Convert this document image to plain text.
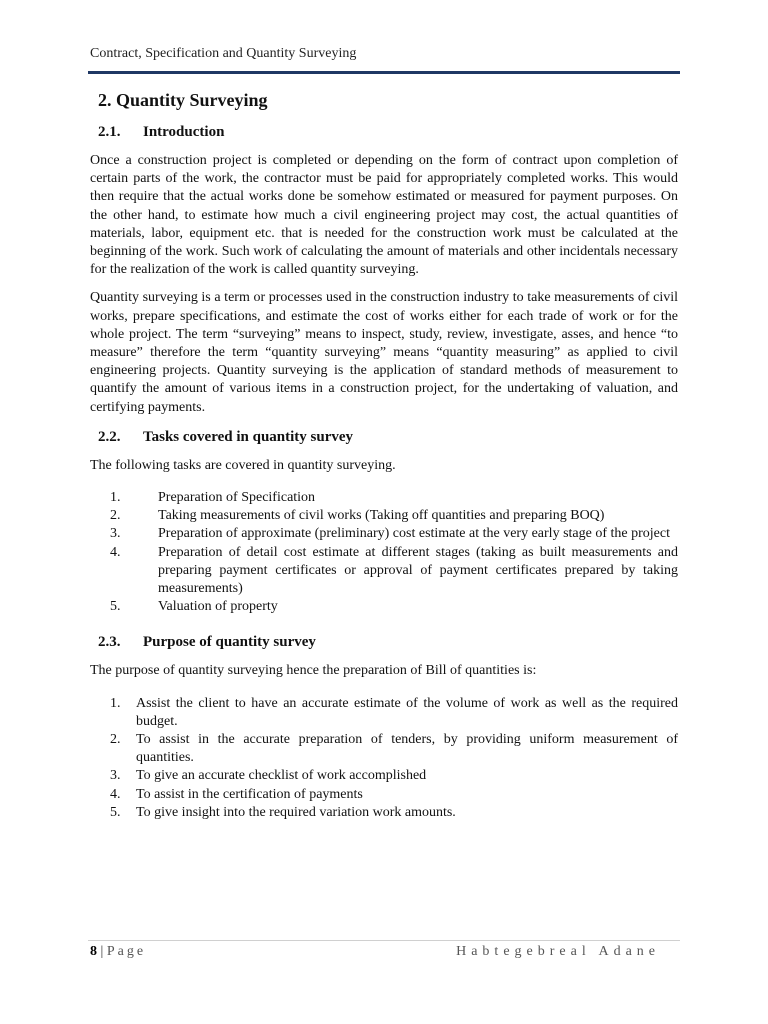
Contract, Specification and Quantity Surveying
2. Quantity Surveying
2.1.	Introduction

Once a construction project is completed or depending on the form of contract upon completion of certain parts of the work, the contractor must be paid for appropriately completed works. This would then require that the actual works done be somehow estimated or measured for payment purposes. On the other hand, to estimate how much a civil engineering project may cost, the actual quantities of materials, labor, equipment etc. that is needed for the construction work must be calculated at the beginning of the work. Such work of calculating the amount of materials and other incidentals necessary for the realization of the work is called quantity surveying.

Quantity surveying is a term or processes used in the construction industry to take measurements of civil works, prepare specifications, and estimate the cost of works either for each trade of work or for the whole project. The term “surveying” means to inspect, study, review, investigate, asses, and hence “to measure” therefore the term “quantity surveying” means “quantity measuring” as applied to civil engineering projects. Quantity surveying is the application of standard methods of measurement to quantify the amount of various items in a construction project, for the undertaking of valuation, and certifying payments.

2.2.	Tasks covered in quantity survey

The following tasks are covered in quantity surveying.

1.	Preparation of Specification
2.	Taking measurements of civil works (Taking off quantities and preparing BOQ)
3.	Preparation of approximate (preliminary) cost estimate at the very early stage of the project
4.	Preparation of detail cost estimate at different stages (taking as built measurements and preparing payment certificates or approval of payment certificates prepared by taking measurements)
5.	Valuation of property
2.3.	Purpose of quantity survey

The purpose of quantity surveying hence the preparation of Bill of quantities is:

1.	Assist the client to have an accurate estimate of the volume of work as well as the required budget.
2.	To assist in the accurate preparation of tenders, by providing uniform measurement of quantities.
3.	To give an accurate checklist of work accomplished
4.	To assist in the certification of payments
5.	To give insight into the required variation work amounts.
8 | Page	Habtegebreal Adane
